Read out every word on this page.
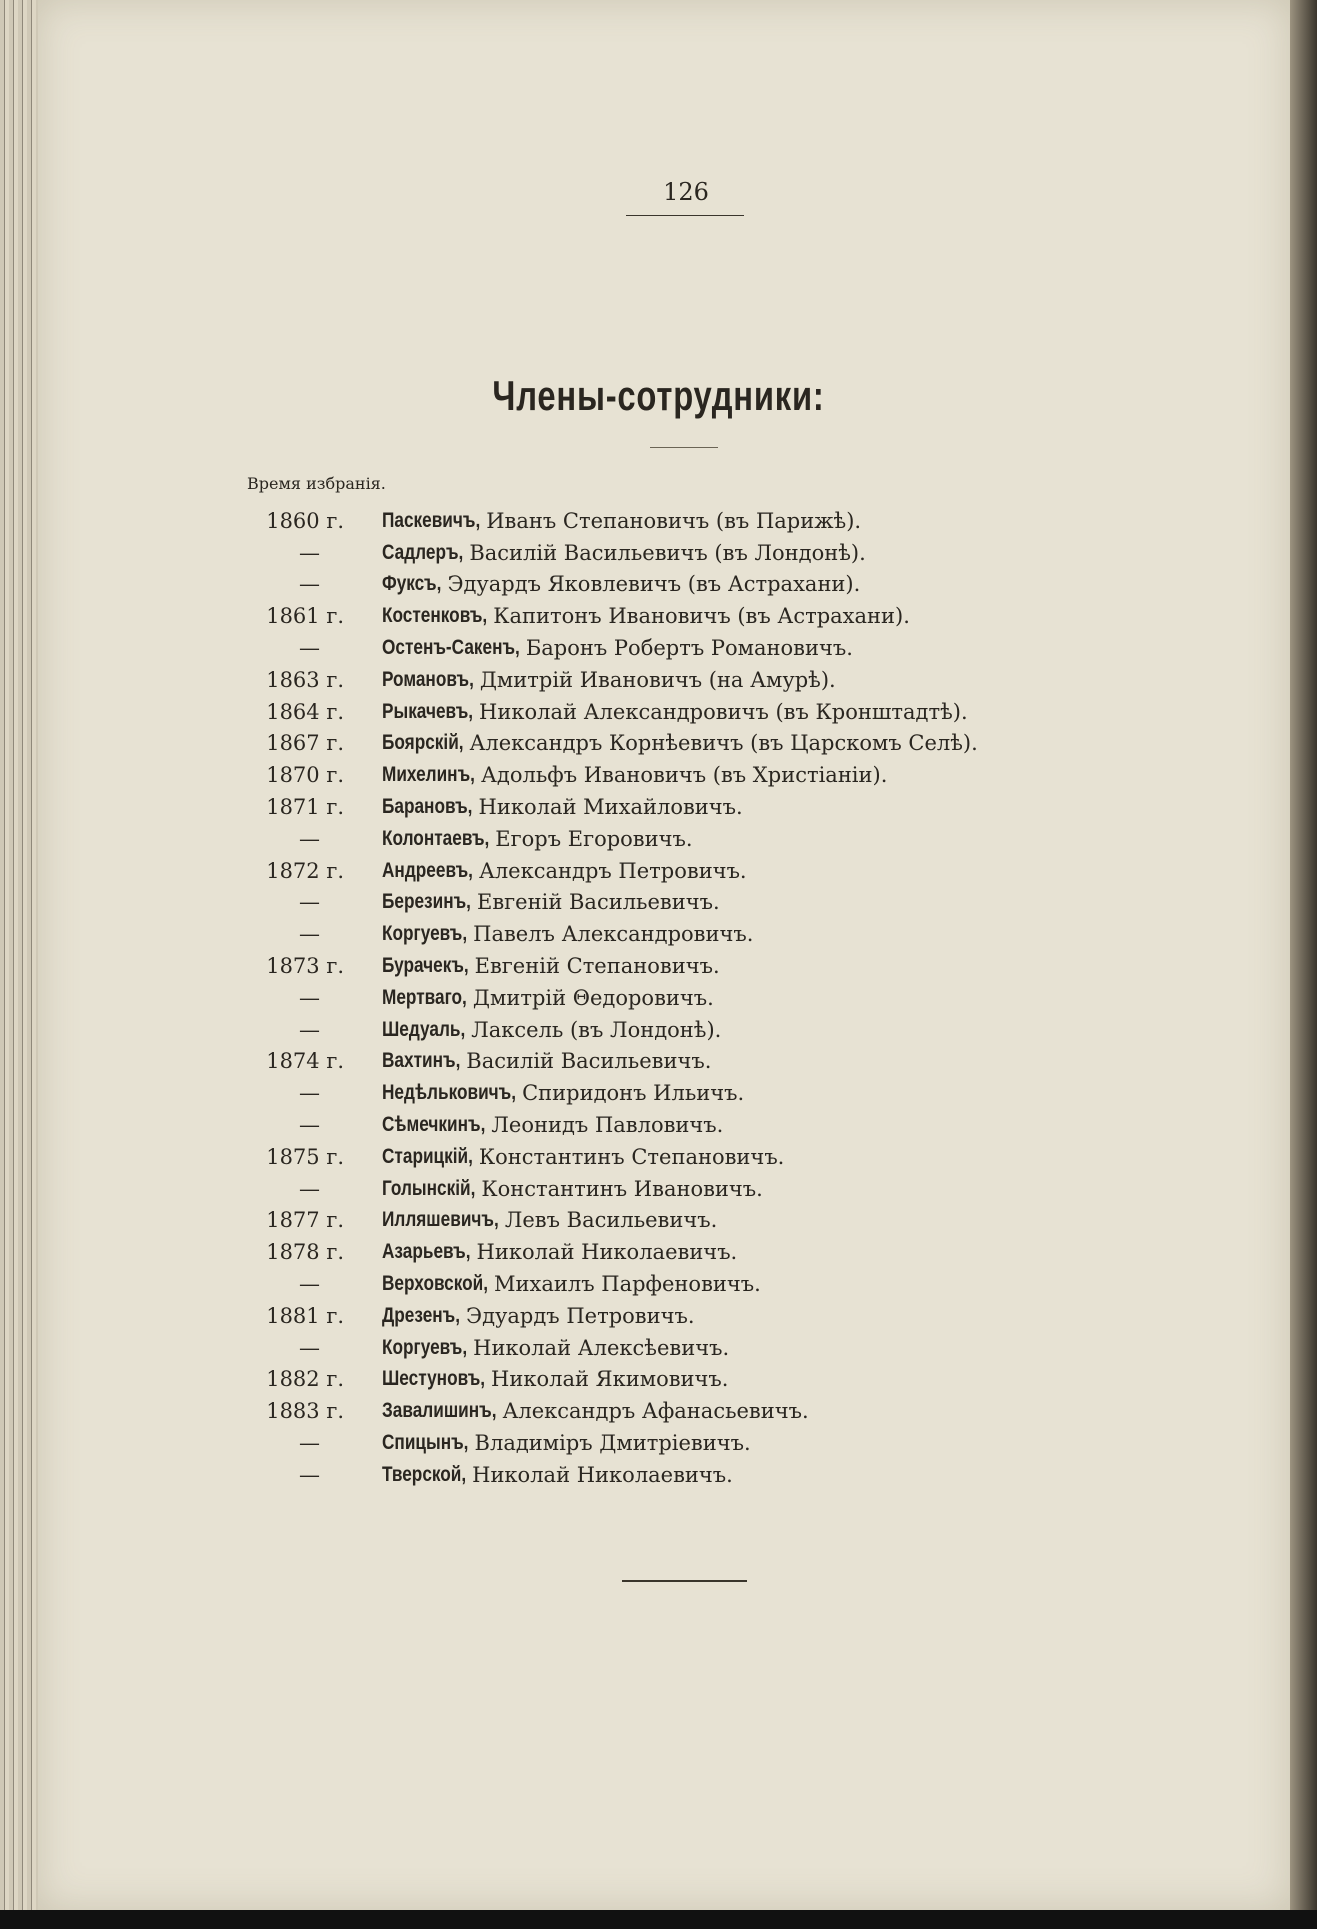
126
Члены-сотрудники:
Время избранія.
1860 г.	Паскевичъ, Иванъ Степановичъ (въ Парижѣ).
—	Садлеръ, Василій Васильевичъ (въ Лондонѣ).
—	Фуксъ, Эдуардъ Яковлевичъ (въ Астрахани).
1861 г.	Костенковъ, Капитонъ Ивановичъ (въ Астрахани).
—	Остенъ-Сакенъ, Баронъ Робертъ Романовичъ.
1863 г.	Романовъ, Дмитрій Ивановичъ (на Амурѣ).
1864 г.	Рыкачевъ, Николай Александровичъ (въ Кронштадтѣ).
1867 г.	Боярскій, Александръ Корнѣевичъ (въ Царскомъ Селѣ).
1870 г.	Михелинъ, Адольфъ Ивановичъ (въ Христіаніи).
1871 г.	Барановъ, Николай Михайловичъ.
—	Колонтаевъ, Егоръ Егоровичъ.
1872 г.	Андреевъ, Александръ Петровичъ.
—	Березинъ, Евгеній Васильевичъ.
—	Коргуевъ, Павелъ Александровичъ.
1873 г.	Бурачекъ, Евгеній Степановичъ.
—	Мертваго, Дмитрій Θедоровичъ.
—	Шедуаль, Лаксель (въ Лондонѣ).
1874 г.	Вахтинъ, Василій Васильевичъ.
—	Недѣльковичъ, Спиридонъ Ильичъ.
—	Сѣмечкинъ, Леонидъ Павловичъ.
1875 г.	Старицкій, Константинъ Степановичъ.
—	Голынскій, Константинъ Ивановичъ.
1877 г.	Илляшевичъ, Левъ Васильевичъ.
1878 г.	Азарьевъ, Николай Николаевичъ.
—	Верховской, Михаилъ Парфеновичъ.
1881 г.	Дрезенъ, Эдуардъ Петровичъ.
—	Коргуевъ, Николай Алексѣевичъ.
1882 г.	Шестуновъ, Николай Якимовичъ.
1883 г.	Завалишинъ, Александръ Афанасьевичъ.
—	Спицынъ, Владиміръ Дмитріевичъ.
—	Тверской, Николай Николаевичъ.
